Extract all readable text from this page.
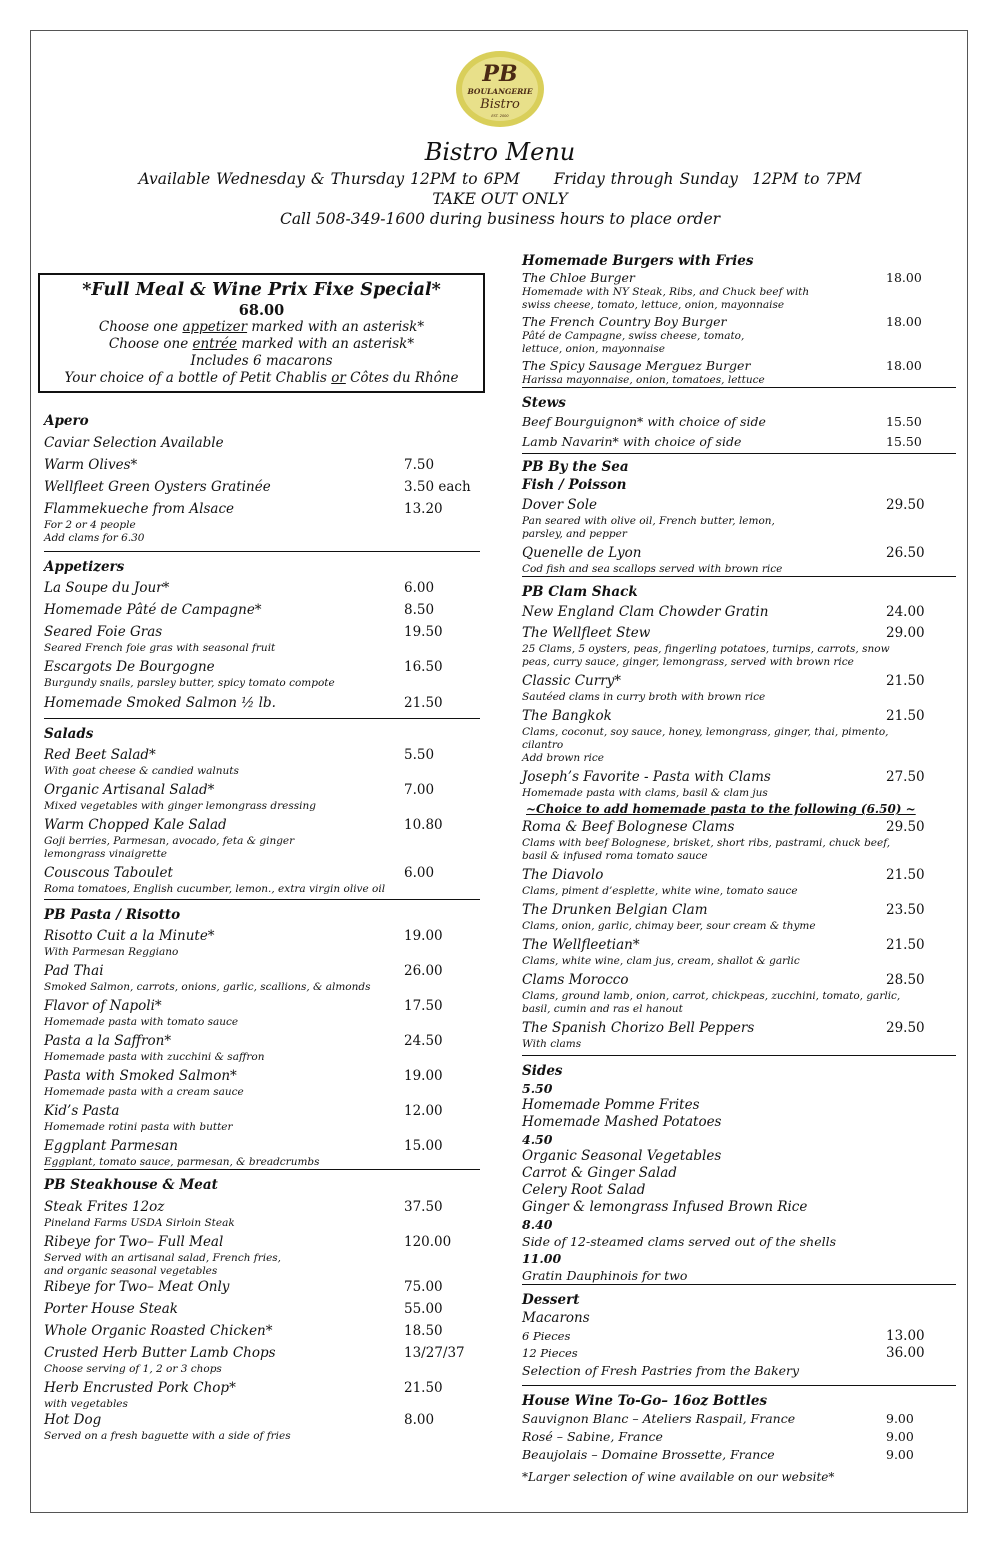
PB
BOULANGERIE
Bistro
EST. 2000
Bistro Menu
Available Wednesday & Thursday 12PM to 6PM Friday through Sunday 12PM to 7PM
TAKE OUT ONLY
Call 508-349-1600 during business hours to place order
*Full Meal & Wine Prix Fixe Special*
68.00
Choose one appetizer marked with an asterisk*
Choose one entrée marked with an asterisk*
Includes 6 macarons
Your choice of a bottle of Petit Chablis or Côtes du Rhône
Apero
Caviar Selection Available
Warm Olives*	7.50
Wellfleet Green Oysters Gratinée	3.50 each
Flammekueche from Alsace	13.20
For 2 or 4 people
Add clams for 6.30
Appetizers
La Soupe du Jour*	6.00
Homemade Pâté de Campagne*	8.50
Seared Foie Gras	19.50
Seared French foie gras with seasonal fruit
Escargots De Bourgogne	16.50
Burgundy snails, parsley butter, spicy tomato compote
Homemade Smoked Salmon ½ lb.	21.50
Salads
Red Beet Salad*	5.50
With goat cheese & candied walnuts
Organic Artisanal Salad*	7.00
Mixed vegetables with ginger lemongrass dressing
Warm Chopped Kale Salad	10.80
Goji berries, Parmesan, avocado, feta & ginger
lemongrass vinaigrette
Couscous Taboulet	6.00
Roma tomatoes, English cucumber, lemon., extra virgin olive oil
PB Pasta / Risotto
Risotto Cuit a la Minute*	19.00
With Parmesan Reggiano
Pad Thai	26.00
Smoked Salmon, carrots, onions, garlic, scallions, & almonds
Flavor of Napoli*	17.50
Homemade pasta with tomato sauce
Pasta a la Saffron*	24.50
Homemade pasta with zucchini & saffron
Pasta with Smoked Salmon*	19.00
Homemade pasta with a cream sauce
Kid’s Pasta	12.00
Homemade rotini pasta with butter
Eggplant Parmesan	15.00
Eggplant, tomato sauce, parmesan, & breadcrumbs
PB Steakhouse & Meat
Steak Frites 12oz	37.50
Pineland Farms USDA Sirloin Steak
Ribeye for Two– Full Meal	120.00
Served with an artisanal salad, French fries,
and organic seasonal vegetables
Ribeye for Two– Meat Only	75.00
Porter House Steak	55.00
Whole Organic Roasted Chicken*	18.50
Crusted Herb Butter Lamb Chops	13/27/37
Choose serving of 1, 2 or 3 chops
Herb Encrusted Pork Chop*	21.50
with vegetables
Hot Dog	8.00
Served on a fresh baguette with a side of fries
Homemade Burgers with Fries
The Chloe Burger	18.00
Homemade with NY Steak, Ribs, and Chuck beef with
swiss cheese, tomato, lettuce, onion, mayonnaise
The French Country Boy Burger	18.00
Pâté de Campagne, swiss cheese, tomato,
lettuce, onion, mayonnaise
The Spicy Sausage Merguez Burger	18.00
Harissa mayonnaise, onion, tomatoes, lettuce
Stews
Beef Bourguignon* with choice of side	15.50
Lamb Navarin* with choice of side	15.50
PB By the Sea
Fish / Poisson
Dover Sole	29.50
Pan seared with olive oil, French butter, lemon,
parsley, and pepper
Quenelle de Lyon	26.50
Cod fish and sea scallops served with brown rice
PB Clam Shack
New England Clam Chowder Gratin	24.00
The Wellfleet Stew	29.00
25 Clams, 5 oysters, peas, fingerling potatoes, turnips, carrots, snow
peas, curry sauce, ginger, lemongrass, served with brown rice
Classic Curry*	21.50
Sautéed clams in curry broth with brown rice
The Bangkok	21.50
Clams, coconut, soy sauce, honey, lemongrass, ginger, thai, pimento,
cilantro
Add brown rice
Joseph’s Favorite - Pasta with Clams	27.50
Homemade pasta with clams, basil & clam jus
~Choice to add homemade pasta to the following (6.50) ~
Roma & Beef Bolognese Clams	29.50
Clams with beef Bolognese, brisket, short ribs, pastrami, chuck beef,
basil & infused roma tomato sauce
The Diavolo	21.50
Clams, piment d’esplette, white wine, tomato sauce
The Drunken Belgian Clam	23.50
Clams, onion, garlic, chimay beer, sour cream & thyme
The Wellfleetian*	21.50
Clams, white wine, clam jus, cream, shallot & garlic
Clams Morocco	28.50
Clams, ground lamb, onion, carrot, chickpeas, zucchini, tomato, garlic,
basil, cumin and ras el hanout
The Spanish Chorizo Bell Peppers	29.50
With clams
Sides
5.50
Homemade Pomme Frites
Homemade Mashed Potatoes
4.50
Organic Seasonal Vegetables
Carrot & Ginger Salad
Celery Root Salad
Ginger & lemongrass Infused Brown Rice
8.40
Side of 12-steamed clams served out of the shells
11.00
Gratin Dauphinois for two
Dessert
Macarons
6 Pieces	13.00
12 Pieces	36.00
Selection of Fresh Pastries from the Bakery
House Wine To-Go– 16oz Bottles
Sauvignon Blanc – Ateliers Raspail, France	9.00
Rosé – Sabine, France	9.00
Beaujolais – Domaine Brossette, France	9.00
*Larger selection of wine available on our website*
